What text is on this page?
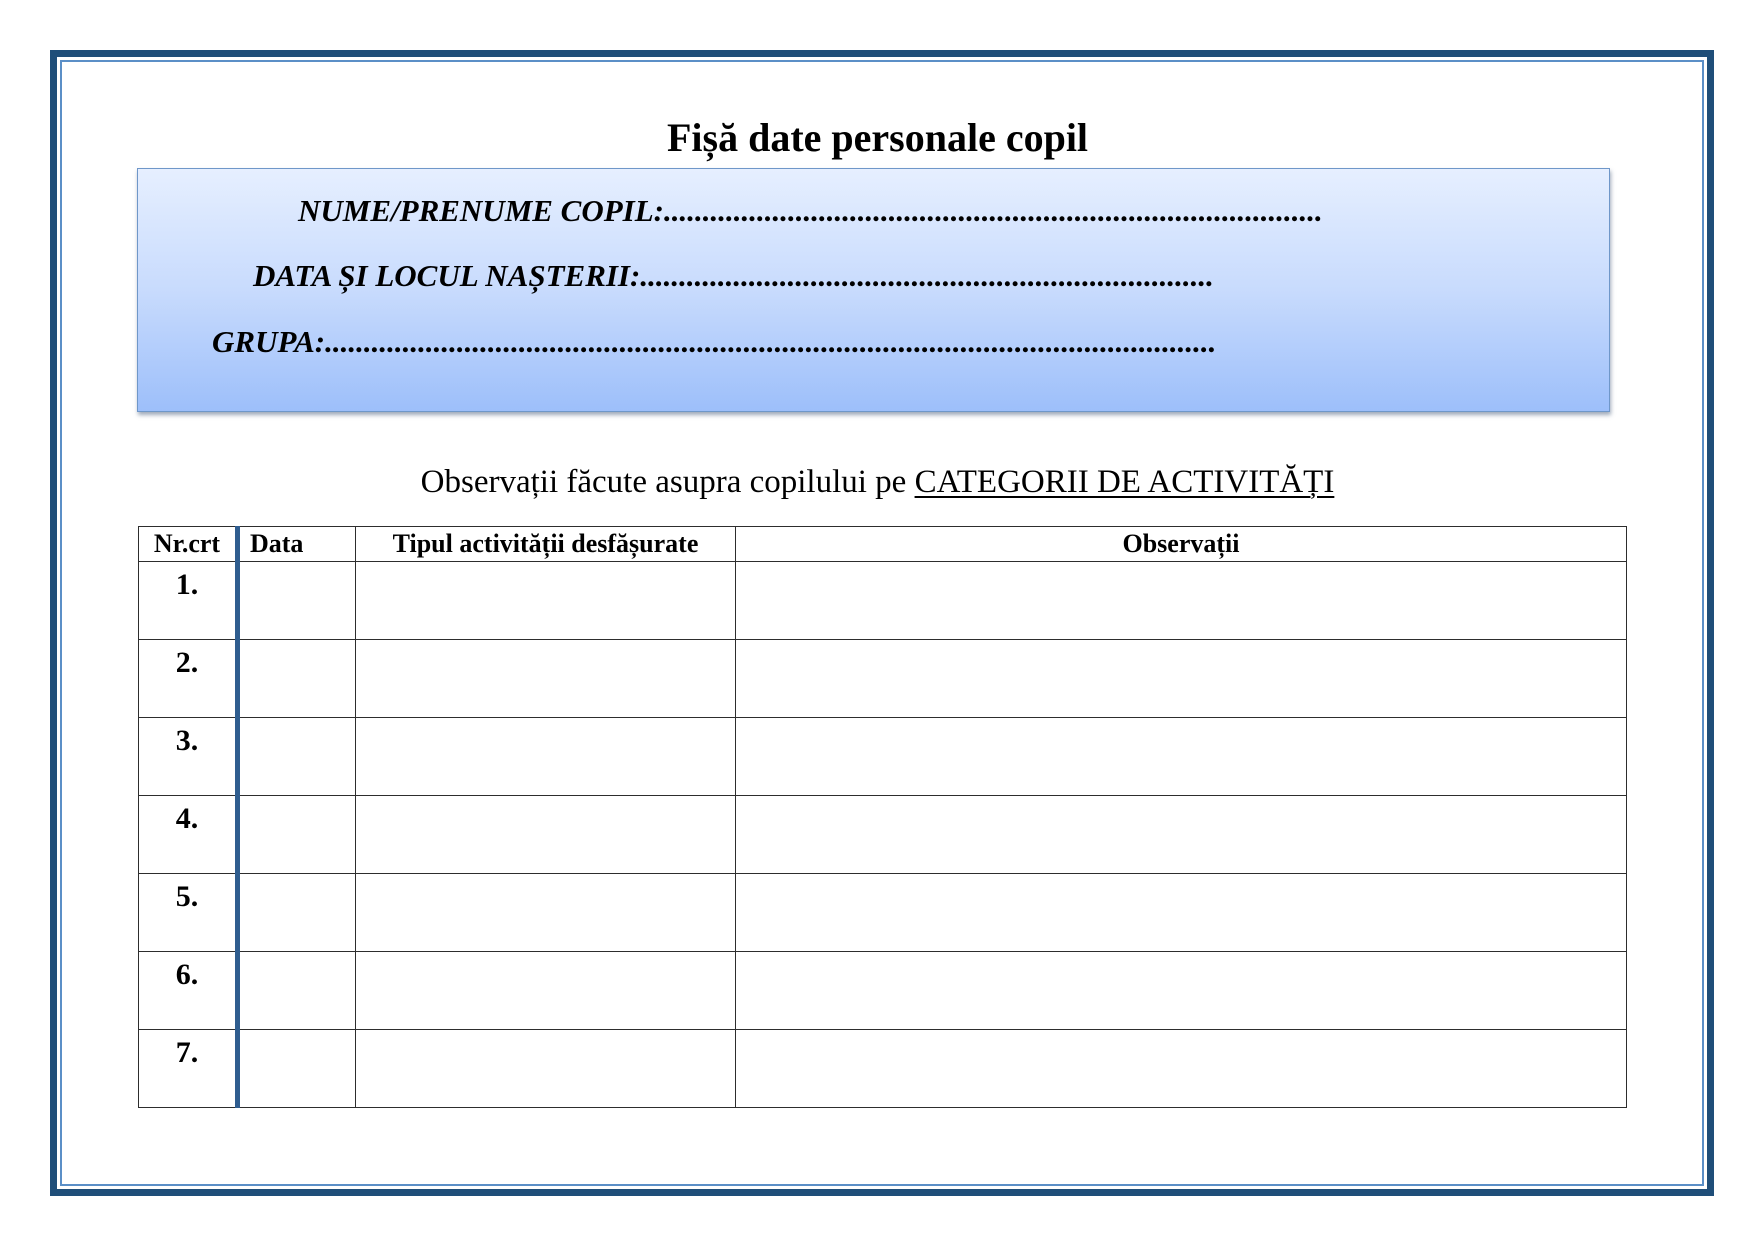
Fișă date personale copil
NUME/PRENUME COPIL:.....................................................................................
DATA ȘI LOCUL NAȘTERII:..........................................................................
GRUPA:...................................................................................................................
Observații făcute asupra copilului pe CATEGORII DE ACTIVITĂȚI
Nr.crt	Data	Tipul activității desfășurate	Observații
1.			
2.			
3.			
4.			
5.			
6.			
7.			
